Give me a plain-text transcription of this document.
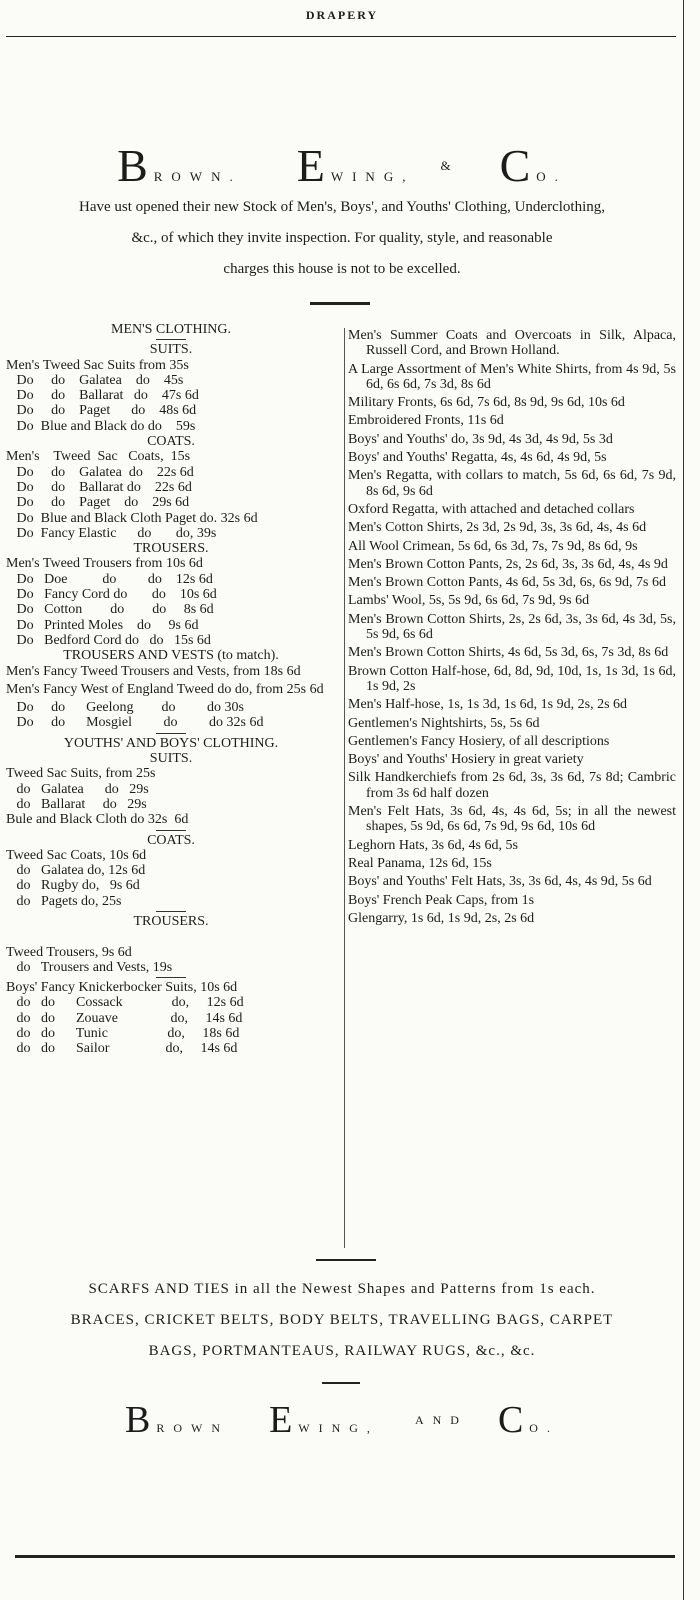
DRAPERY
B ROWN. E WING,
& C O.
Have ust opened their new Stock of Men's, Boys', and Youths' Clothing, Underclothing,
&c., of which they invite inspection. For quality, style, and reasonable
charges this house is not to be excelled.
MEN'S CLOTHING.
SUITS.
Men's Tweed Sac Suits from 35s
Do     do    Galatea    do    45s
Do     do    Ballarat   do    47s 6d
Do     do    Paget      do    48s 6d
Do  Blue and Black do do    59s
COATS.
Men's    Tweed  Sac   Coats,  15s
Do     do    Galatea  do    22s 6d
Do     do    Ballarat do    22s 6d
Do     do    Paget    do    29s 6d
Do  Blue and Black Cloth Paget do. 32s 6d
Do  Fancy Elastic      do       do, 39s
TROUSERS.
Men's Tweed Trousers from 10s 6d
Do   Doe          do         do    12s 6d
Do   Fancy Cord do       do    10s 6d
Do   Cotton        do        do     8s 6d
Do   Printed Moles    do     9s 6d
Do   Bedford Cord do   do   15s 6d
TROUSERS AND VESTS (to match).
Men's Fancy Tweed Trousers and Vests, from 18s 6d
Men's Fancy West of England Tweed do do, from 25s 6d
Do     do      Geelong        do         do 30s
Do     do      Mosgiel         do         do 32s 6d
YOUTHS' AND BOYS' CLOTHING.
SUITS.
Tweed Sac Suits, from 25s
do   Galatea      do   29s
do   Ballarat     do   29s
Bule and Black Cloth do 32s  6d
COATS.
Tweed Sac Coats, 10s 6d
do   Galatea do, 12s 6d
do   Rugby do,   9s 6d
do   Pagets do, 25s
TROUSERS.
Tweed Trousers, 9s 6d
do   Trousers and Vests, 19s
Boys' Fancy Knickerbocker Suits, 10s 6d
do   do      Cossack              do,     12s 6d
do   do      Zouave               do,     14s 6d
do   do      Tunic                 do,     18s 6d
do   do      Sailor                do,     14s 6d
Men's Summer Coats and Overcoats in Silk, Alpaca, Russell Cord, and Brown Holland.
A Large Assortment of Men's White Shirts, from 4s 9d, 5s 6d, 6s 6d, 7s 3d, 8s 6d
Military Fronts, 6s 6d, 7s 6d, 8s 9d, 9s 6d, 10s 6d
Embroidered Fronts, 11s 6d
Boys' and Youths' do, 3s 9d, 4s 3d, 4s 9d, 5s 3d
Boys' and Youths' Regatta, 4s, 4s 6d, 4s 9d, 5s
Men's Regatta, with collars to match, 5s 6d, 6s 6d, 7s 9d, 8s 6d, 9s 6d
Oxford Regatta, with attached and detached collars
Men's Cotton Shirts, 2s 3d, 2s 9d, 3s, 3s 6d, 4s, 4s 6d
All Wool Crimean, 5s 6d, 6s 3d, 7s, 7s 9d, 8s 6d, 9s
Men's Brown Cotton Pants, 2s, 2s 6d, 3s, 3s 6d, 4s, 4s 9d
Men's Brown Cotton Pants, 4s 6d, 5s 3d, 6s, 6s 9d, 7s 6d
Lambs' Wool, 5s, 5s 9d, 6s 6d, 7s 9d, 9s 6d
Men's Brown Cotton Shirts, 2s, 2s 6d, 3s, 3s 6d, 4s 3d, 5s, 5s 9d, 6s 6d
Men's Brown Cotton Shirts, 4s 6d, 5s 3d, 6s, 7s 3d, 8s 6d
Brown Cotton Half-hose, 6d, 8d, 9d, 10d, 1s, 1s 3d, 1s 6d, 1s 9d, 2s
Men's Half-hose, 1s, 1s 3d, 1s 6d, 1s 9d, 2s, 2s 6d
Gentlemen's Nightshirts, 5s, 5s 6d
Gentlemen's Fancy Hosiery, of all descriptions
Boys' and Youths' Hosiery in great variety
Silk Handkerchiefs from 2s 6d, 3s, 3s 6d, 7s 8d; Cambric from 3s 6d half dozen
Men's Felt Hats, 3s 6d, 4s, 4s 6d, 5s; in all the newest shapes, 5s 9d, 6s 6d, 7s 9d, 9s 6d, 10s 6d
Leghorn Hats, 3s 6d, 4s 6d, 5s
Real Panama, 12s 6d, 15s
Boys' and Youths' Felt Hats, 3s, 3s 6d, 4s, 4s 9d, 5s 6d
Boys' French Peak Caps, from 1s
Glengarry, 1s 6d, 1s 9d, 2s, 2s 6d
SCARFS AND TIES in all the Newest Shapes and Patterns from 1s each.
BRACES, CRICKET BELTS, BODY BELTS, TRAVELLING BAGS, CARPET
BAGS, PORTMANTEAUS, RAILWAY RUGS, &c., &c.
B ROWN E WING,
AND C O.
